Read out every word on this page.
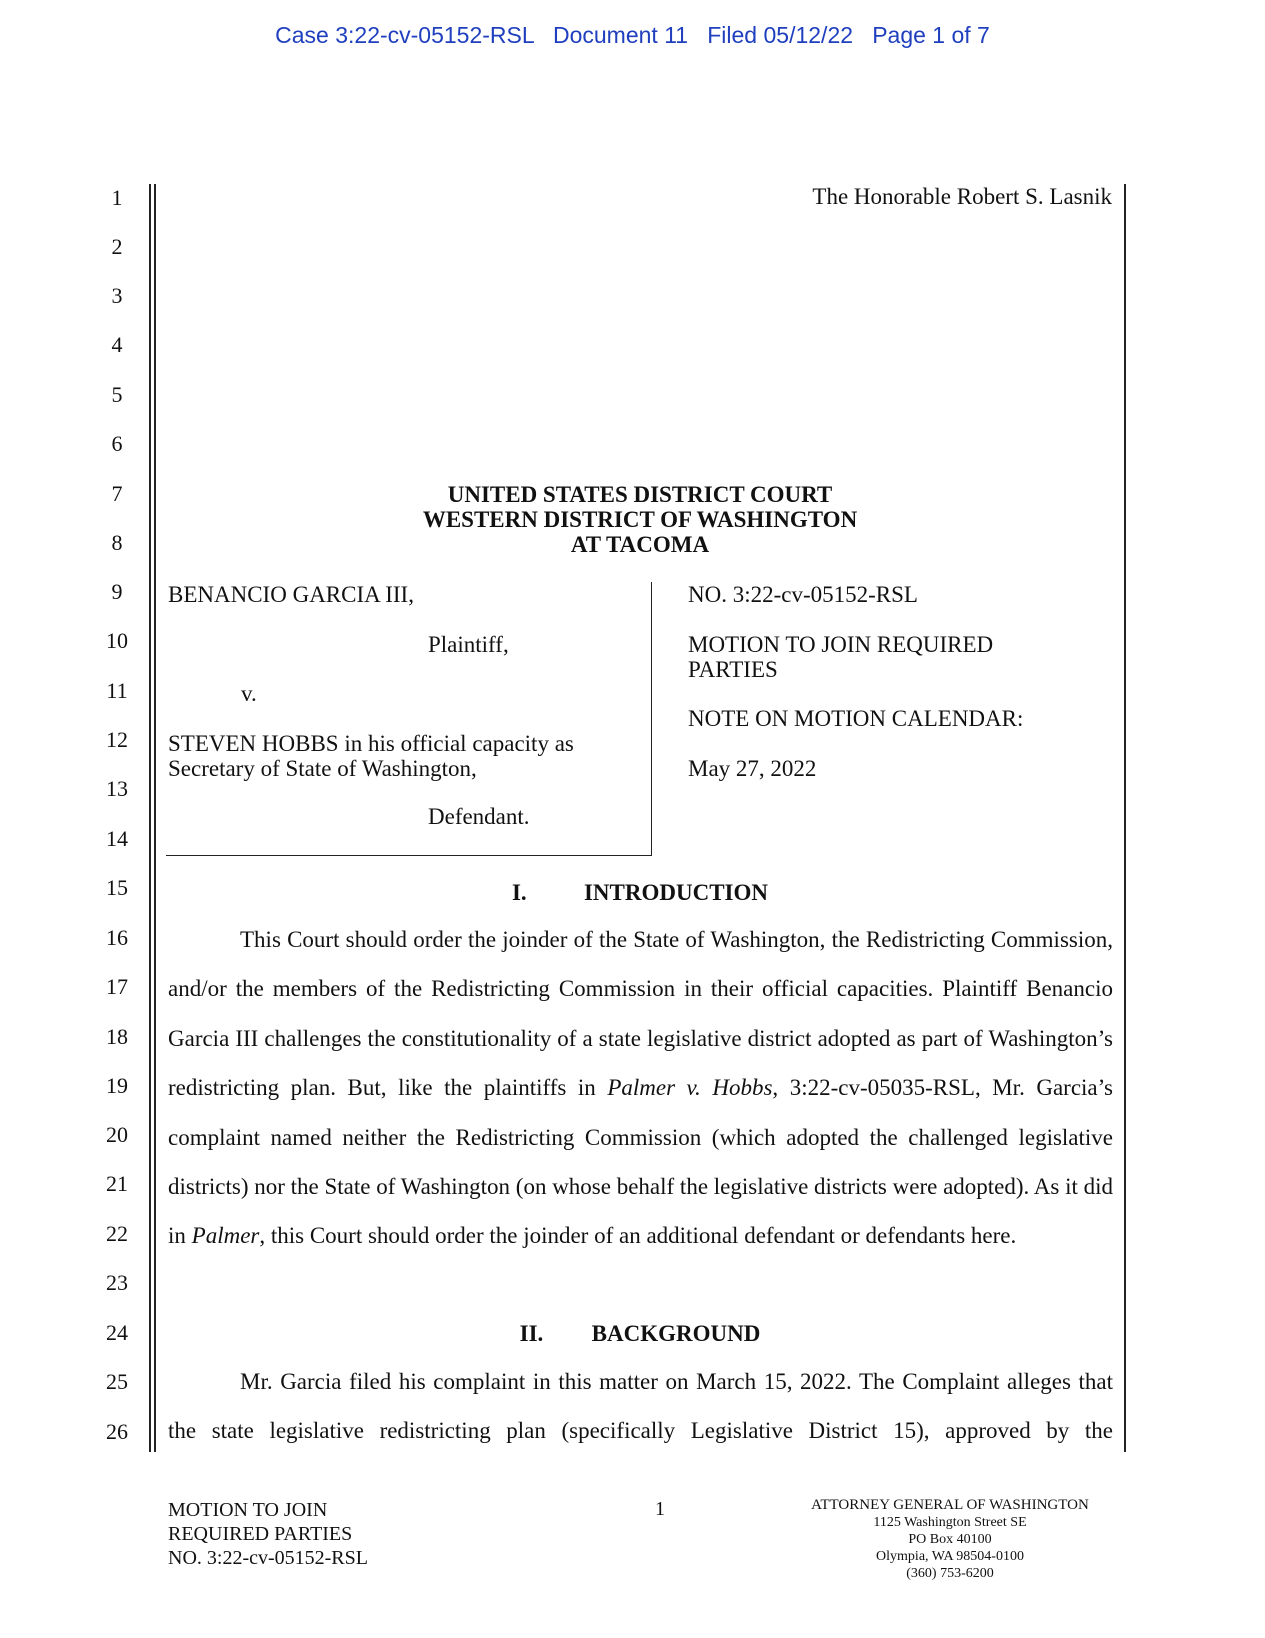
Case 3:22-cv-05152-RSL Document 11 Filed 05/12/22 Page 1 of 7
1
2
3
4
5
6
7
8
9
10
11
12
13
14
15
16
17
18
19
20
21
22
23
24
25
26
The Honorable Robert S. Lasnik
UNITED STATES DISTRICT COURT
WESTERN DISTRICT OF WASHINGTON
AT TACOMA
BENANCIO GARCIA III,
Plaintiff,
v.
STEVEN HOBBS in his official capacity as
Secretary of State of Washington,
Defendant.
NO. 3:22-cv-05152-RSL
MOTION TO JOIN REQUIRED
PARTIES
NOTE ON MOTION CALENDAR:
May 27, 2022
I. INTRODUCTION
This Court should order the joinder of the State of Washington, the Redistricting Commission, and/or the members of the Redistricting Commission in their official capacities. Plaintiff Benancio Garcia III challenges the constitutionality of a state legislative district adopted as part of Washington’s redistricting plan. But, like the plaintiffs in Palmer v. Hobbs, 3:22-cv-05035-RSL, Mr. Garcia’s complaint named neither the Redistricting Commission (which adopted the challenged legislative districts) nor the State of Washington (on whose behalf the legislative districts were adopted). As it did in Palmer, this Court should order the joinder of an additional defendant or defendants here.
II. BACKGROUND
Mr. Garcia filed his complaint in this matter on March 15, 2022. The Complaint alleges that the state legislative redistricting plan (specifically Legislative District 15), approved by the
MOTION TO JOIN
REQUIRED PARTIES
NO. 3:22-cv-05152-RSL
1	ATTORNEY GENERAL OF WASHINGTON
1125 Washington Street SE
PO Box 40100
Olympia, WA 98504-0100
(360) 753-6200
